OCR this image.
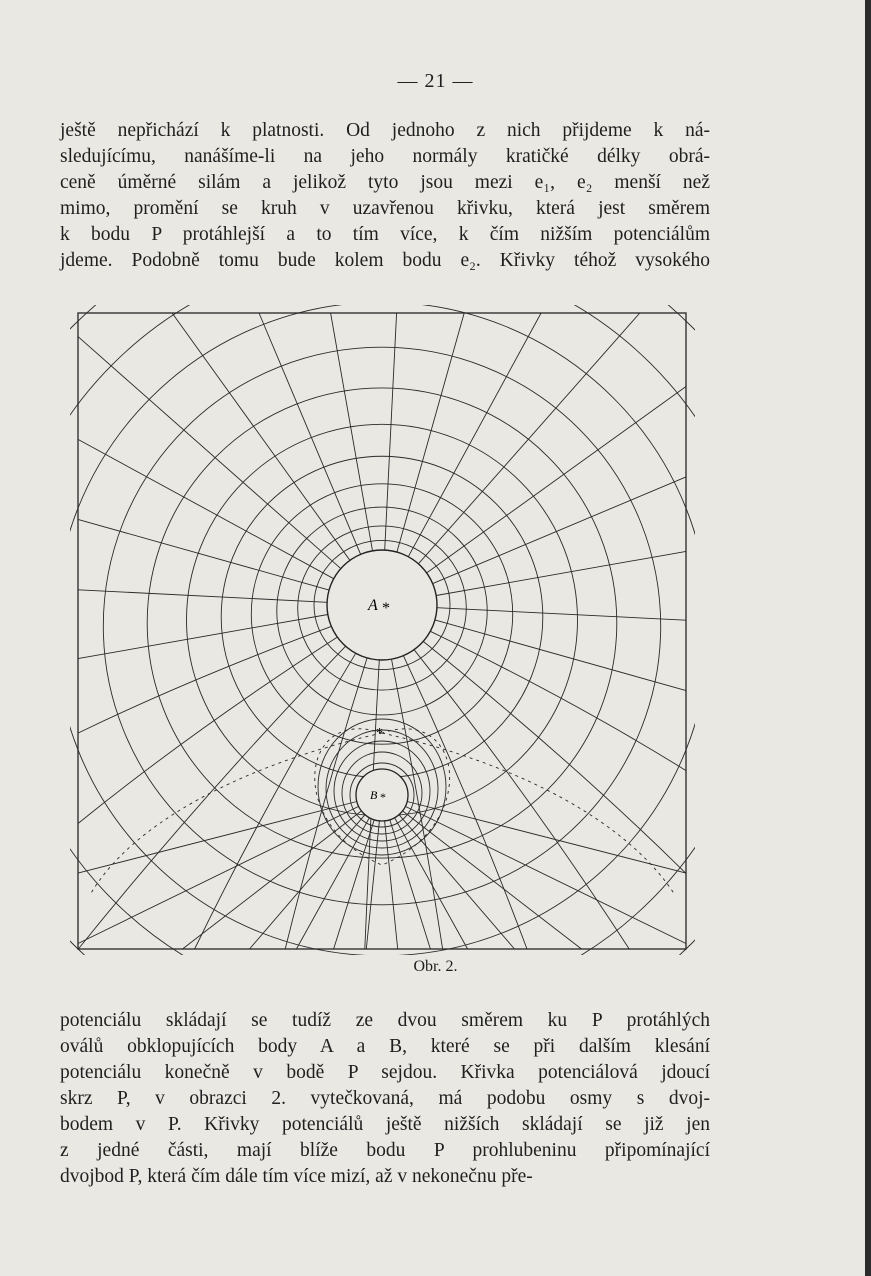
— 21 —
ještě nepřichází k platnosti. Od jednoho z nich přijdeme k ná-
sledujícímu, nanášíme-li na jeho normály kratičké délky obrá-
ceně úměrné silám a jelikož tyto jsou mezi e₁, e₂ menší než
mimo, promění se kruh v uzavřenou křivku, která jest směrem
k bodu P protáhlejší a to tím více, k čím nižším potenciálům
jdeme. Podobně tomu bude kolem bodu e₂. Křivky téhož vysokého
A *
B *
*
Obr. 2.
potenciálu skládají se tudíž ze dvou směrem ku P protáhlých
oválů obklopujících body A a B, které se při dalším klesání
potenciálu konečně v bodě P sejdou. Křivka potenciálová jdoucí
skrz P, v obrazci 2. vytečkovaná, má podobu osmy s dvoj-
bodem v P. Křivky potenciálů ještě nižších skládají se již jen
z jedné části, mají blíže bodu P prohlubeninu připomínající
dvojbod P, která čím dále tím více mizí, až v nekonečnu pře-
